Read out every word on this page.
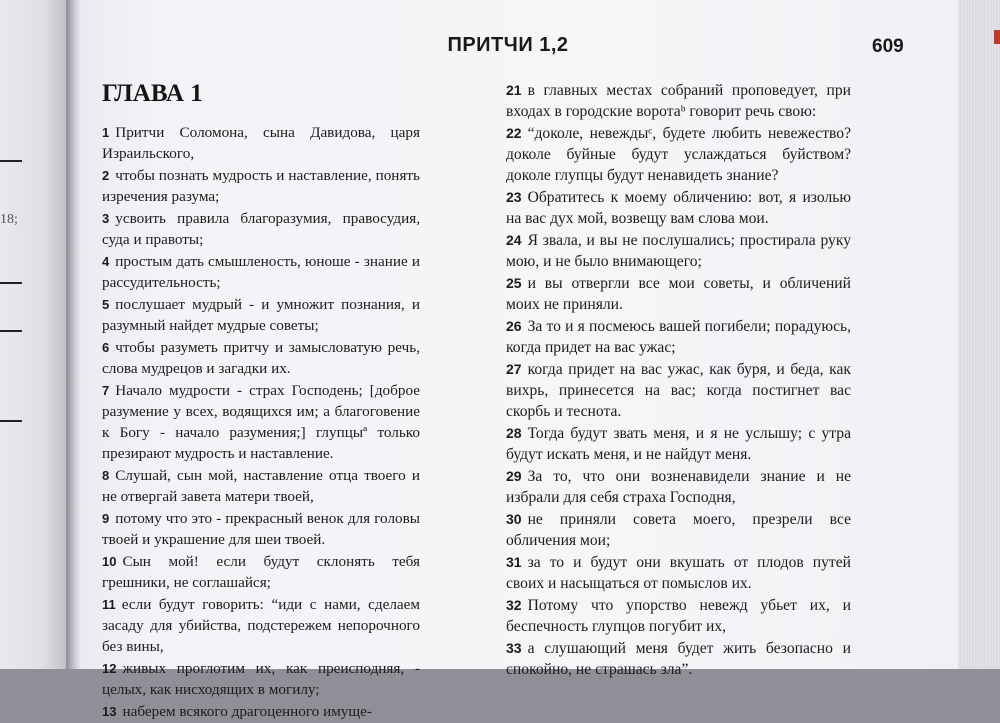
18;
ПРИТЧИ 1,2	609
ГЛАВА 1
1 Притчи Соломона, сына Давидова, царя Израильского,
2 чтобы познать мудрость и наставление, понять изречения разума;
3 усвоить правила благоразумия, правосудия, суда и правоты;
4 простым дать смышленость, юноше - знание и рассудительность;
5 послушает мудрый - и умножит познания, и разумный найдет мудрые советы;
6 чтобы разуметь притчу и замысловатую речь, слова мудрецов и загадки их.
7 Начало мудрости - страх Господень; [доброе разумение у всех, водящихся им; а благоговение к Богу - начало разумения;] глупцыª только презирают мудрость и наставление.
8 Слушай, сын мой, наставление отца твоего и не отвергай завета матери твоей,
9 потому что это - прекрасный венок для головы твоей и украшение для шеи твоей.
10 Сын мой! если будут склонять тебя грешники, не соглашайся;
11 если будут говорить: “иди с нами, сделаем засаду для убийства, подстережем непорочного без вины,
12 живых проглотим их, как преисподняя, - целых, как нисходящих в могилу;
13 наберем всякого драгоценного имуще-
21 в главных местах собраний проповедует, при входах в городские воротаᵇ говорит речь свою:
22 “доколе, невеждыᶜ, будете любить невежество? доколе буйные будут услаждаться буйством? доколе глупцы будут ненавидеть знание?
23 Обратитесь к моему обличению: вот, я изолью на вас дух мой, возвещу вам слова мои.
24 Я звала, и вы не послушались; простирала руку мою, и не было внимающего;
25 и вы отвергли все мои советы, и обличений моих не приняли.
26 За то и я посмеюсь вашей погибели; порадуюсь, когда придет на вас ужас;
27 когда придет на вас ужас, как буря, и беда, как вихрь, принесется на вас; когда постигнет вас скорбь и теснота.
28 Тогда будут звать меня, и я не услышу; с утра будут искать меня, и не найдут меня.
29 За то, что они возненавидели знание и не избрали для себя страха Господня,
30 не приняли совета моего, презрели все обличения мои;
31 за то и будут они вкушать от плодов путей своих и насыщаться от помыслов их.
32 Потому что упорство невежд убьет их, и беспечность глупцов погубит их,
33 а слушающий меня будет жить безопасно и спокойно, не страшась зла”.
